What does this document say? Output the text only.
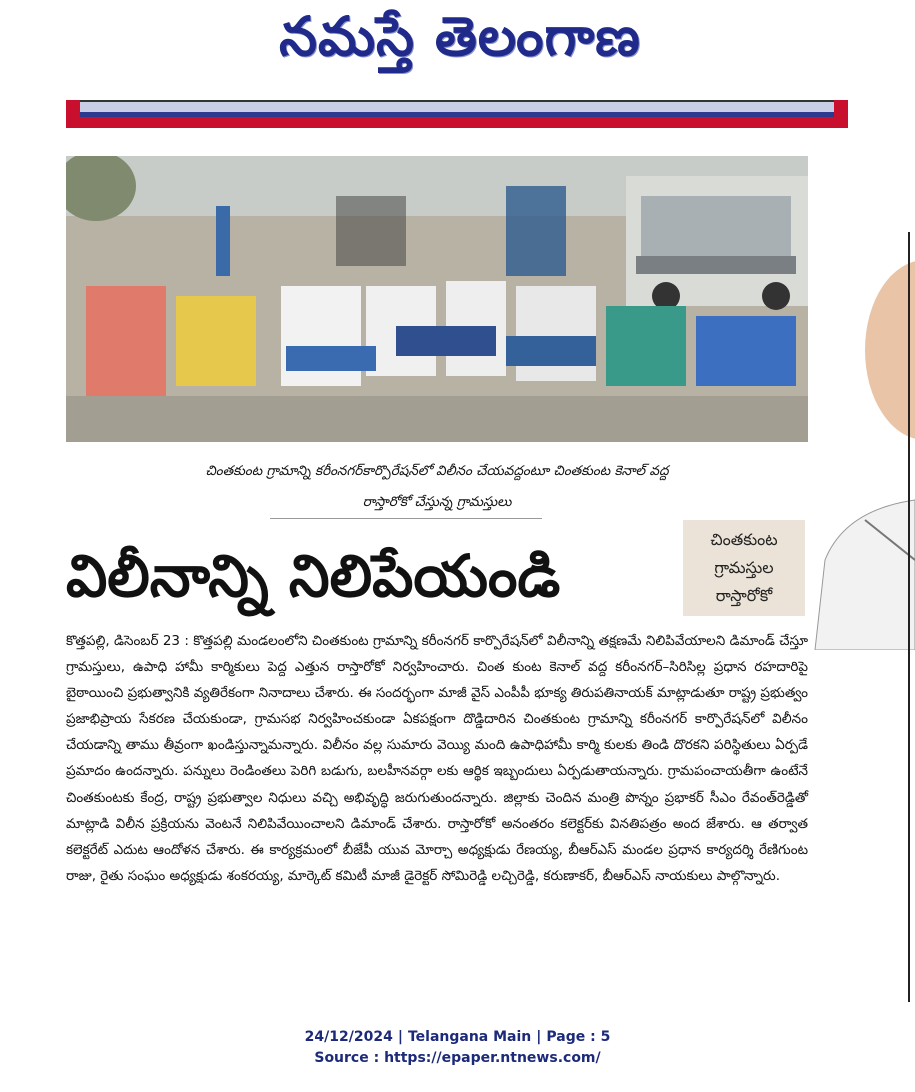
నమస్తే తెలంగాణ
చింతకుంట గ్రామాన్ని కరీంనగర్‌కార్పొరేషన్‌లో విలీనం చేయవద్దంటూ చింతకుంట కెనాల్ వద్ద
రాస్తారోకో చేస్తున్న గ్రామస్తులు
విలీనాన్ని నిలిపేయండి
చింతకుంట
గ్రామస్తుల
రాస్తారోకో
కొత్తపల్లి, డిసెంబర్ 23 : కొత్తపల్లి మండలంలోని చింతకుంట గ్రామాన్ని కరీంనగర్ కార్పొరేషన్‌లో విలీనాన్ని తక్షణమే నిలిపివేయాలని డిమాండ్ చేస్తూ గ్రామస్తులు, ఉపాధి హామీ కార్మికులు పెద్ద ఎత్తున రాస్తారోకో నిర్వహించారు. చింత కుంట కెనాల్ వద్ద కరీంనగర్–సిరిసిల్ల ప్రధాన రహదారిపై బైఠాయించి ప్రభుత్వానికి వ్యతిరేకంగా నినాదాలు చేశారు. ఈ సందర్భంగా మాజీ వైస్ ఎంపీపీ భూక్య తిరుపతినాయక్ మాట్లాడుతూ రాష్ట్ర ప్రభుత్వం ప్రజాభిప్రాయ సేకరణ చేయకుండా, గ్రామసభ నిర్వహించకుండా ఏకపక్షంగా దొడ్డిదారిన చింతకుంట గ్రామాన్ని కరీంనగర్ కార్పొరేషన్‌లో విలీనం చేయడాన్ని తాము తీవ్రంగా ఖండిస్తున్నామన్నారు. విలీనం వల్ల సుమారు వెయ్యి మంది ఉపాధిహామీ కార్మి కులకు తిండి దొరకని పరిస్థితులు ఏర్పడే ప్రమాదం ఉందన్నారు. పన్నులు రెండింతలు పెరిగి బడుగు, బలహీనవర్గా లకు ఆర్థిక ఇబ్బందులు ఏర్పడుతాయన్నారు. గ్రామపంచాయతీగా ఉంటేనే చింతకుంటకు కేంద్ర, రాష్ట్ర ప్రభుత్వాల నిధులు వచ్చి అభివృద్ధి జరుగుతుందన్నారు. జిల్లాకు చెందిన మంత్రి పొన్నం ప్రభాకర్ సీఎం రేవంత్‌రెడ్డితో మాట్లాడి విలీన ప్రక్రియను వెంటనే నిలిపివేయించాలని డిమాండ్ చేశారు. రాస్తారోకో అనంతరం కలెక్టర్‌కు వినతిపత్రం అంద జేశారు. ఆ తర్వాత కలెక్టరేట్ ఎదుట ఆందోళన చేశారు. ఈ కార్యక్రమంలో బీజేపీ యువ మోర్చా అధ్యక్షుడు రేణయ్య, బీఆర్ఎస్ మండల ప్రధాన కార్యదర్శి రేణిగుంట రాజు, రైతు సంఘం అధ్యక్షుడు శంకరయ్య, మార్కెట్ కమిటీ మాజీ డైరెక్టర్ సోమిరెడ్డి లచ్చిరెడ్డి, కరుణాకర్, బీఆర్ఎస్ నాయకులు పాల్గొన్నారు.
24/12/2024 | Telangana Main | Page : 5
Source : https://epaper.ntnews.com/
